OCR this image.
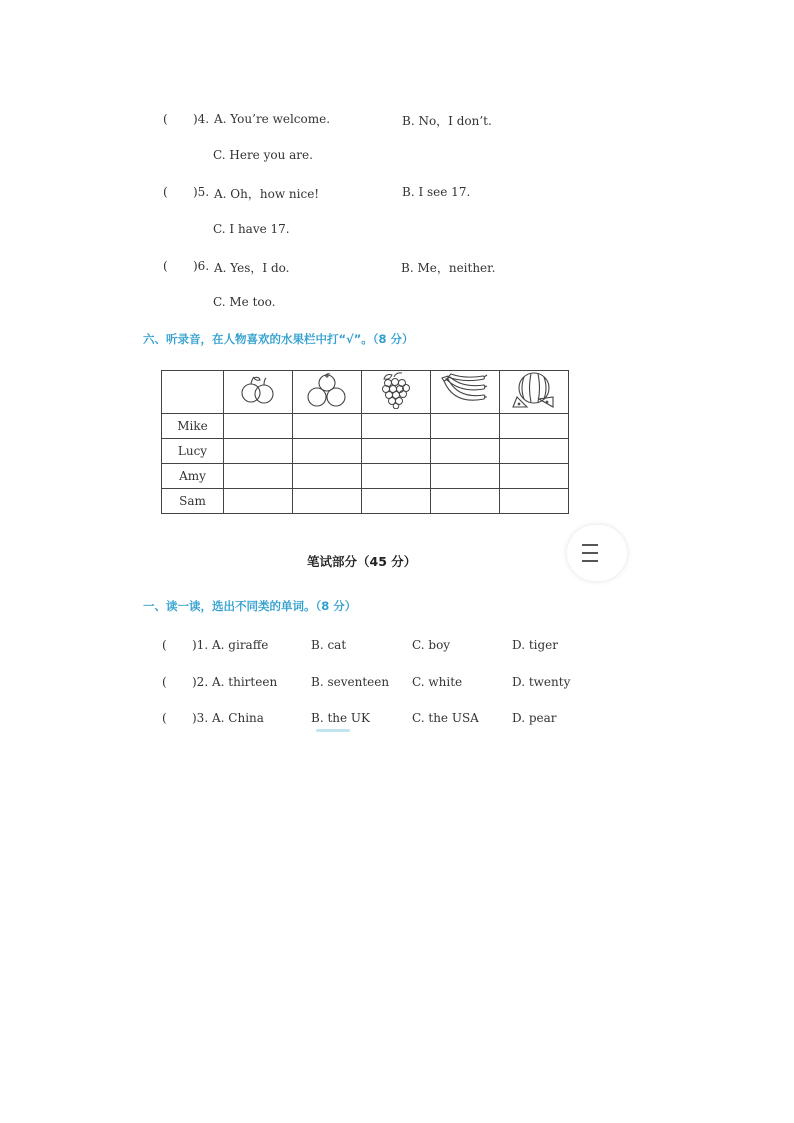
( )4. A. You’re welcome.	B. No，I don’t.
C. Here you are.
( )5. A. Oh，how nice!	B. I see 17.
C. I have 17.
( )6. A. Yes，I do.	B. Me，neither.
C. Me too.
六、听录音，在人物喜欢的水果栏中打“√”。（8 分）

Mike					
Lucy					
Amy					
Sam					
笔试部分（45 分）
一、读一读，选出不同类的单词。（8 分）
( )1. A. giraffe	B. cat	C. boy	D. tiger
( )2. A. thirteen	B. seventeen C. white	D. twenty
( )3. A. China	B. the UK	C. the USA	D. pear
